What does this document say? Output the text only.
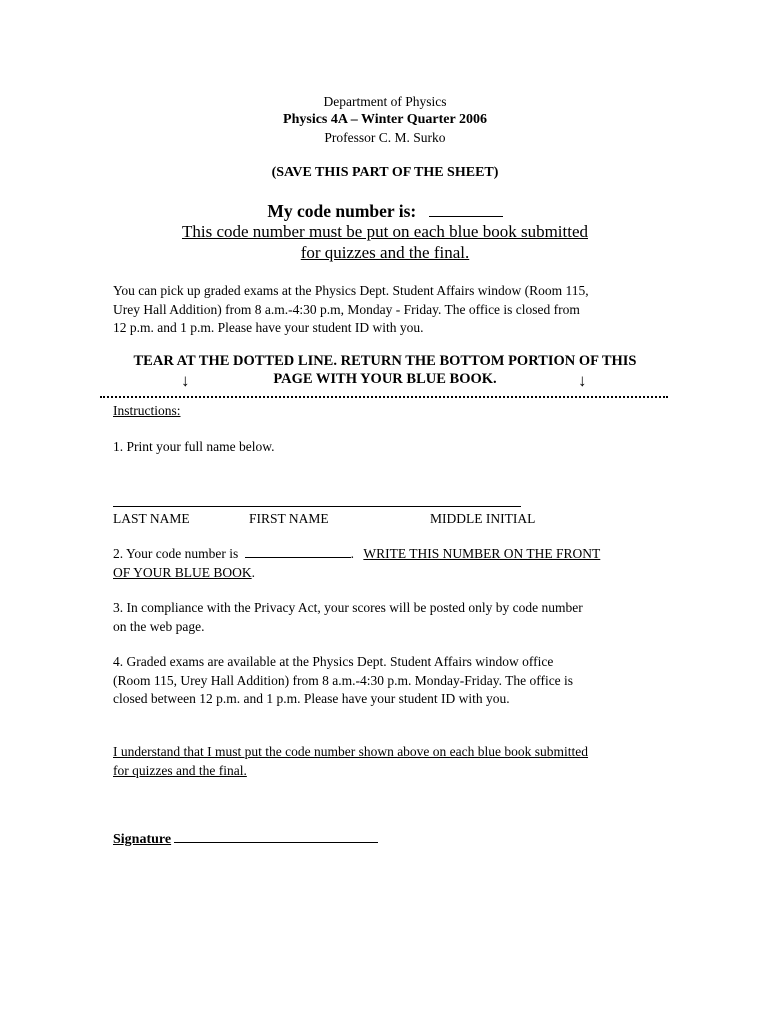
Department of Physics
Physics 4A – Winter Quarter 2006
Professor C. M. Surko
(SAVE THIS PART OF THE SHEET)
My code number is:
This code number must be put on each blue book submitted
for quizzes and the final.
You can pick up graded exams at the Physics Dept. Student Affairs window (Room 115,
Urey Hall Addition) from 8 a.m.-4:30 p.m, Monday - Friday. The office is closed from
12 p.m. and 1 p.m. Please have your student ID with you.
TEAR AT THE DOTTED LINE. RETURN THE BOTTOM PORTION OF THIS
PAGE WITH YOUR BLUE BOOK.
↓	↓
Instructions:
1. Print your full name below.
LAST NAME	FIRST NAME	MIDDLE INITIAL
2. Your code number is	. WRITE THIS NUMBER ON THE FRONT
OF YOUR BLUE BOOK.
3. In compliance with the Privacy Act, your scores will be posted only by code number
on the web page.
4. Graded exams are available at the Physics Dept. Student Affairs window office
(Room 115, Urey Hall Addition) from 8 a.m.-4:30 p.m. Monday-Friday. The office is
closed between 12 p.m. and 1 p.m. Please have your student ID with you.
I understand that I must put the code number shown above on each blue book submitted
for quizzes and the final.
Signature
